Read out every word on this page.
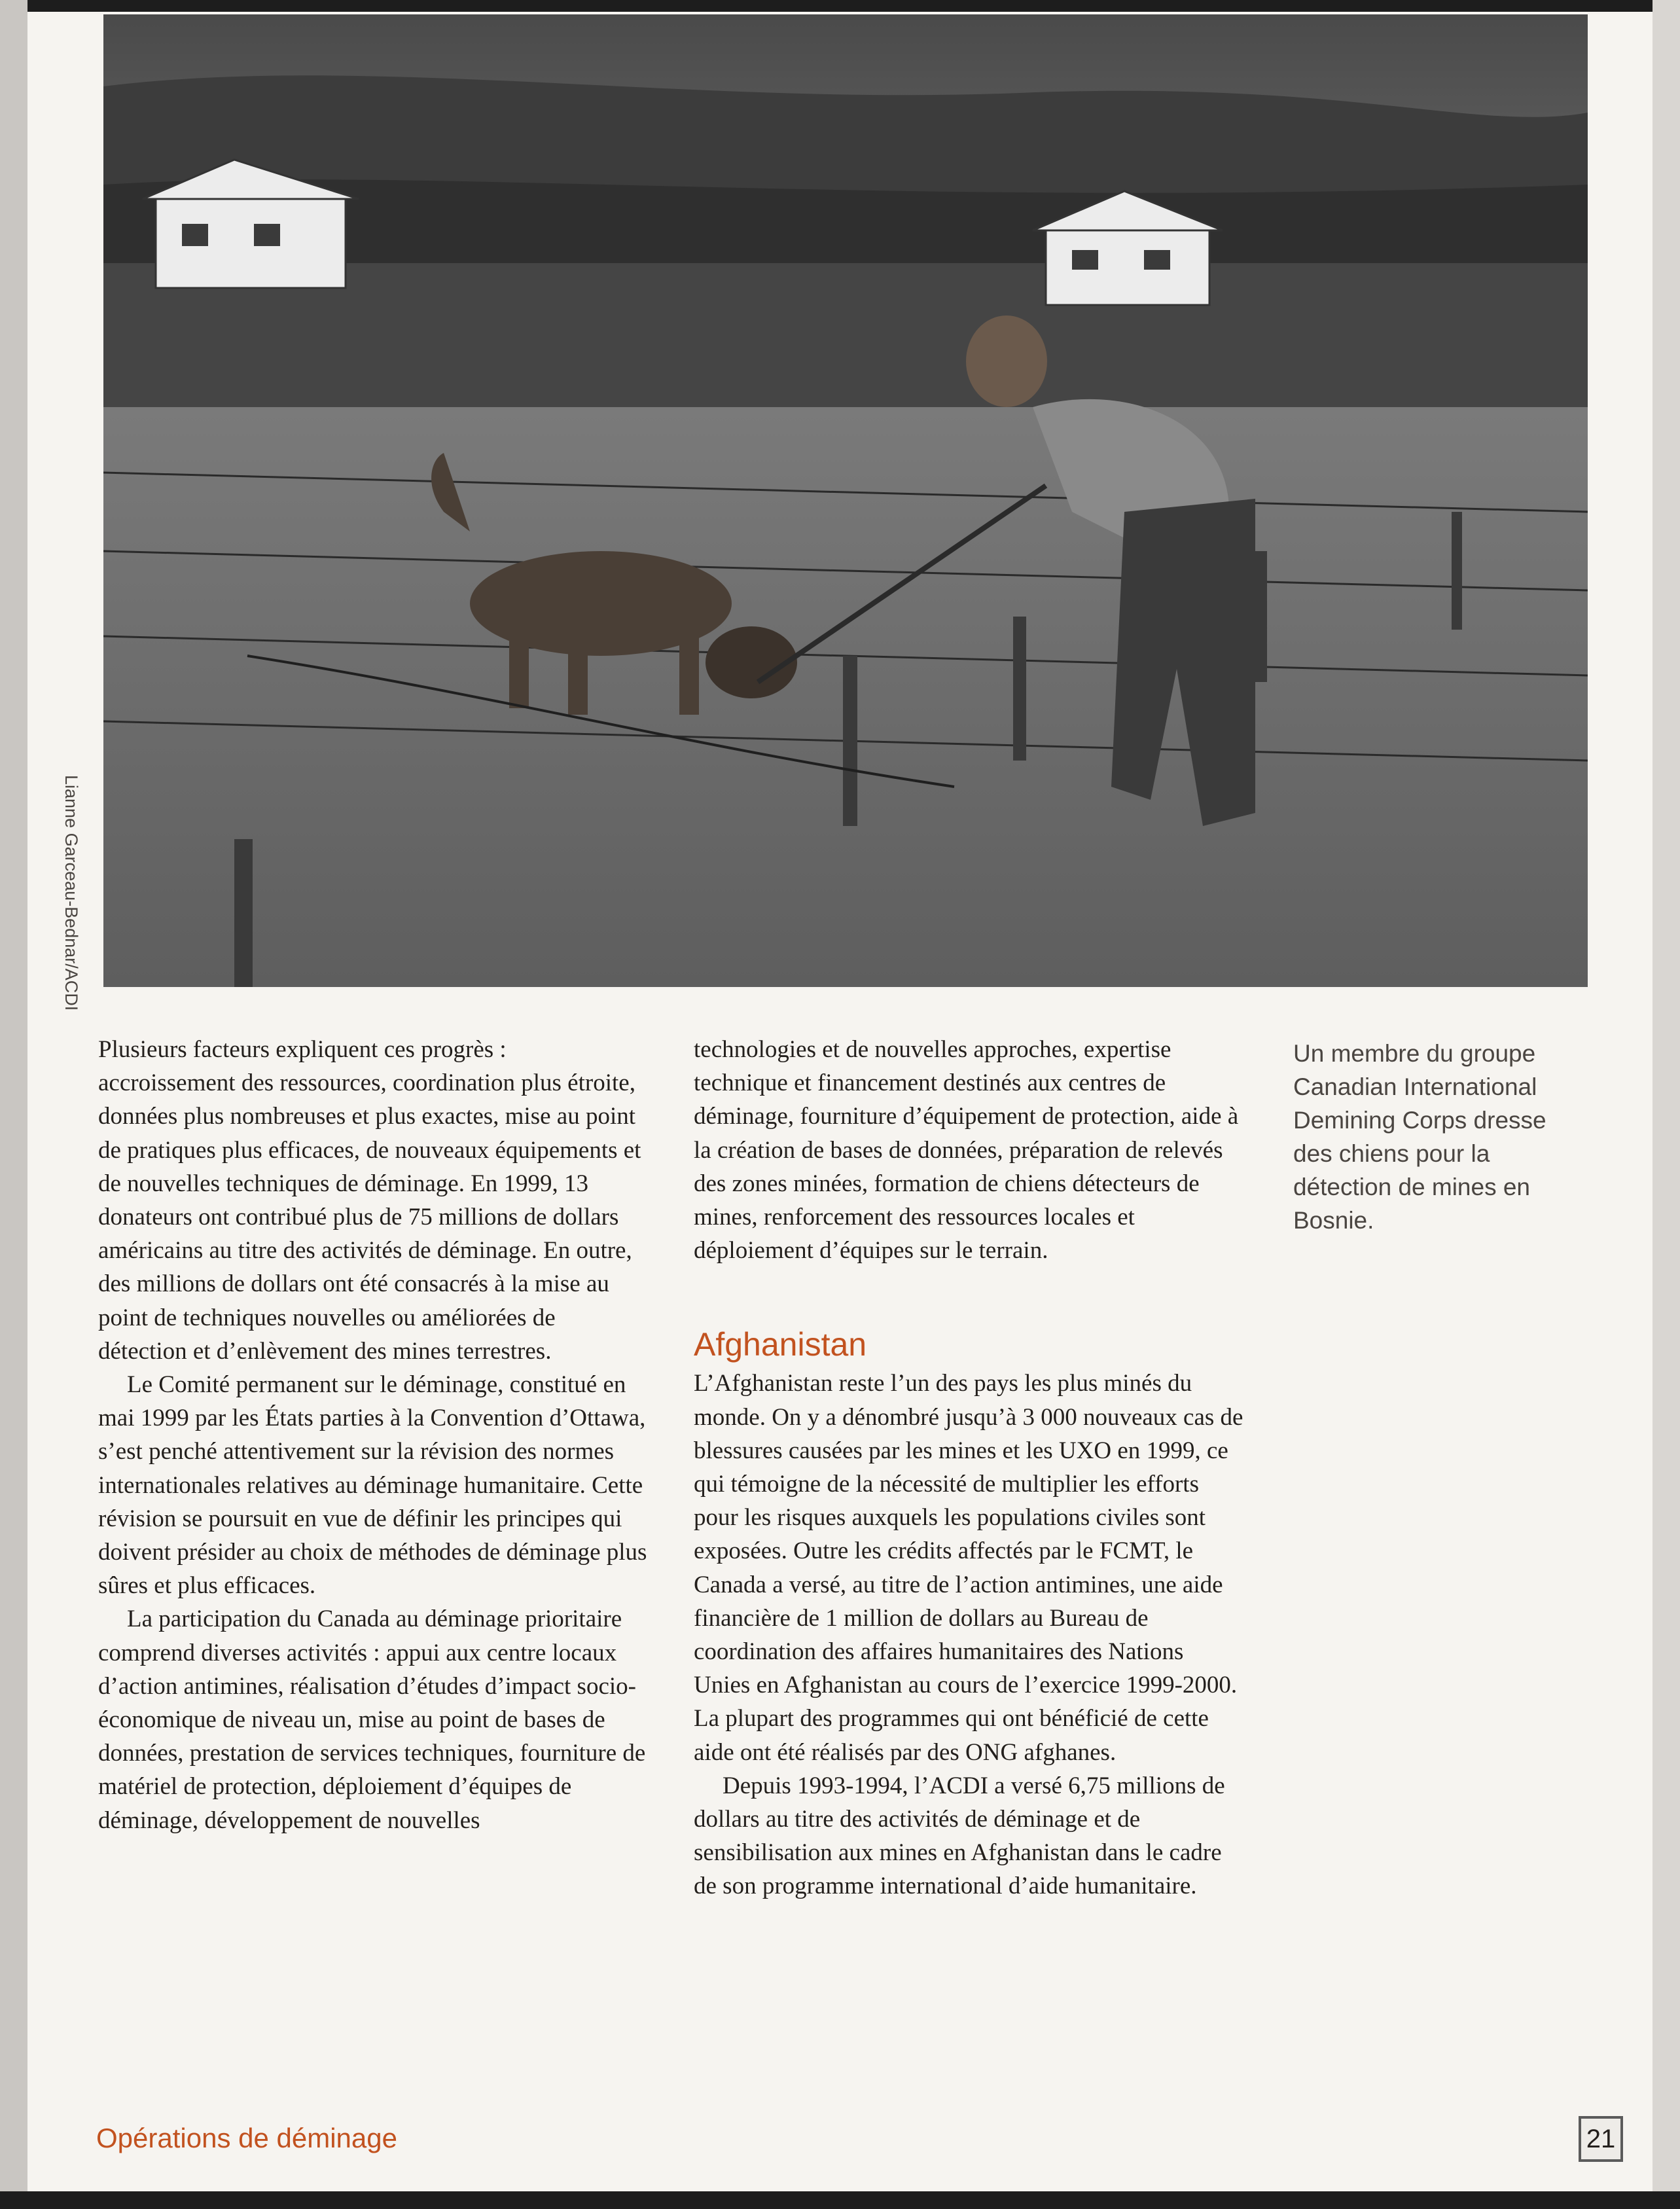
Lianne Garceau-Bednar/ACDI

Plusieurs facteurs expliquent ces progrès : accroissement des ressources, coordination plus étroite, données plus nombreuses et plus exactes, mise au point de pratiques plus efficaces, de nouveaux équipements et de nouvelles techniques de déminage. En 1999, 13 donateurs ont contribué plus de 75 millions de dollars américains au titre des activités de déminage. En outre, des millions de dollars ont été consacrés à la mise au point de techniques nouvelles ou améliorées de détection et d’enlèvement des mines terrestres.

Le Comité permanent sur le déminage, constitué en mai 1999 par les États parties à la Convention d’Ottawa, s’est penché attentivement sur la révision des normes internationales relatives au déminage humanitaire. Cette révision se poursuit en vue de définir les principes qui doivent présider au choix de méthodes de déminage plus sûres et plus efficaces.

La participation du Canada au déminage prioritaire comprend diverses activités : appui aux centre locaux d’action antimines, réalisation d’études d’impact socio-économique de niveau un, mise au point de bases de données, prestation de services techniques, fourniture de matériel de protection, déploiement d’équipes de déminage, développement de nouvelles

technologies et de nouvelles approches, expertise technique et financement destinés aux centres de déminage, fourniture d’équipement de protection, aide à la création de bases de données, préparation de relevés des zones minées, formation de chiens détecteurs de mines, renforcement des ressources locales et déploiement d’équipes sur le terrain.

Afghanistan

L’Afghanistan reste l’un des pays les plus minés du monde. On y a dénombré jusqu’à 3 000 nouveaux cas de blessures causées par les mines et les UXO en 1999, ce qui témoigne de la nécessité de multiplier les efforts pour les risques auxquels les populations civiles sont exposées. Outre les crédits affectés par le FCMT, le Canada a versé, au titre de l’action antimines, une aide financière de 1 million de dollars au Bureau de coordination des affaires humanitaires des Nations Unies en Afghanistan au cours de l’exercice 1999-2000. La plupart des programmes qui ont bénéficié de cette aide ont été réalisés par des ONG afghanes.

Depuis 1993-1994, l’ACDI a versé 6,75 millions de dollars au titre des activités de déminage et de sensibilisation aux mines en Afghanistan dans le cadre de son programme international d’aide humanitaire.

Un membre du groupe Canadian International Demining Corps dresse des chiens pour la détection de mines en Bosnie.
Opérations de déminage	21
